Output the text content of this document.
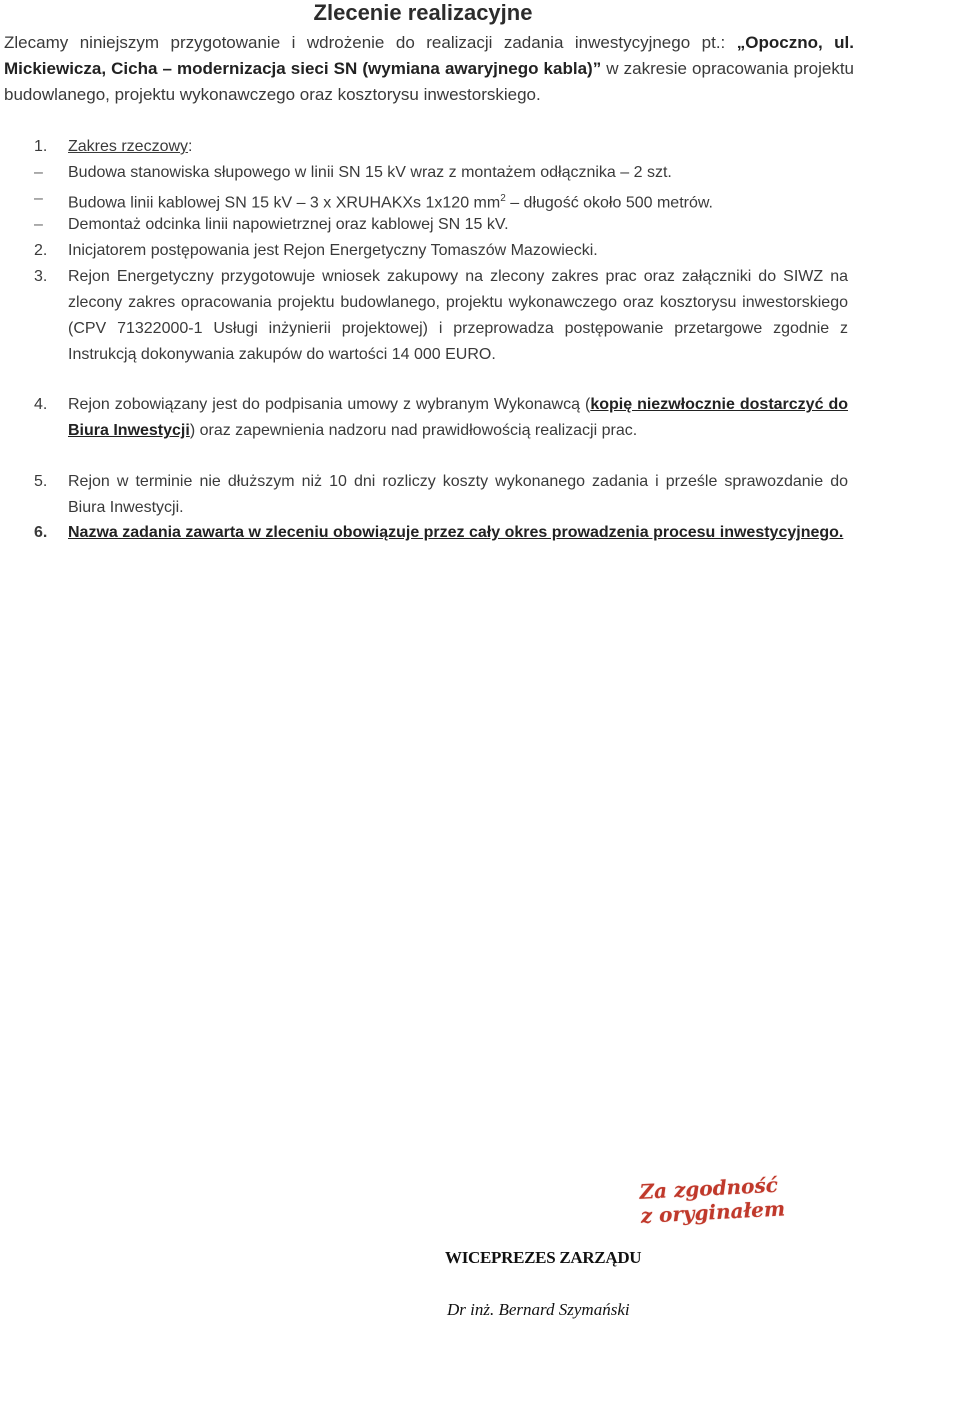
Zlecenie realizacyjne
Zlecamy niniejszym przygotowanie i wdrożenie do realizacji zadania inwestycyjnego pt.: „Opoczno, ul. Mickiewicza, Cicha – modernizacja sieci SN (wymiana awaryjnego kabla)” w zakresie opracowania projektu budowlanego, projektu wykonawczego oraz kosztorysu inwestorskiego.
1.	Zakres rzeczowy:
–	Budowa stanowiska słupowego w linii SN 15 kV wraz z montażem odłącznika – 2 szt.
–	Budowa linii kablowej SN 15 kV – 3 x XRUHAKXs 1x120 $mm^2$ – długość około 500 metrów.
–	Demontaż odcinka linii napowietrznej oraz kablowej SN 15 kV.
2.	Inicjatorem postępowania jest Rejon Energetyczny Tomaszów Mazowiecki.
3.	Rejon Energetyczny przygotowuje wniosek zakupowy na zlecony zakres prac oraz załączniki do SIWZ na zlecony zakres opracowania projektu budowlanego, projektu wykonawczego oraz kosztorysu inwestorskiego (CPV 71322000-1 Usługi inżynierii projektowej) i przeprowadza postępowanie przetargowe zgodnie z Instrukcją dokonywania zakupów do wartości 14 000 EURO.
4.	Rejon zobowiązany jest do podpisania umowy z wybranym Wykonawcą (kopię niezwłocznie dostarczyć do Biura Inwestycji) oraz zapewnienia nadzoru nad prawidłowością realizacji prac.
5.	Rejon w terminie nie dłuższym niż 10 dni rozliczy koszty wykonanego zadania i prześle sprawozdanie do Biura Inwestycji.
6.	Nazwa zadania zawarta w zleceniu obowiązuje przez cały okres prowadzenia procesu inwestycyjnego.
Za zgodność
z oryginałem
WICEPREZES ZARZĄDU
Dr inż. Bernard Szymański
